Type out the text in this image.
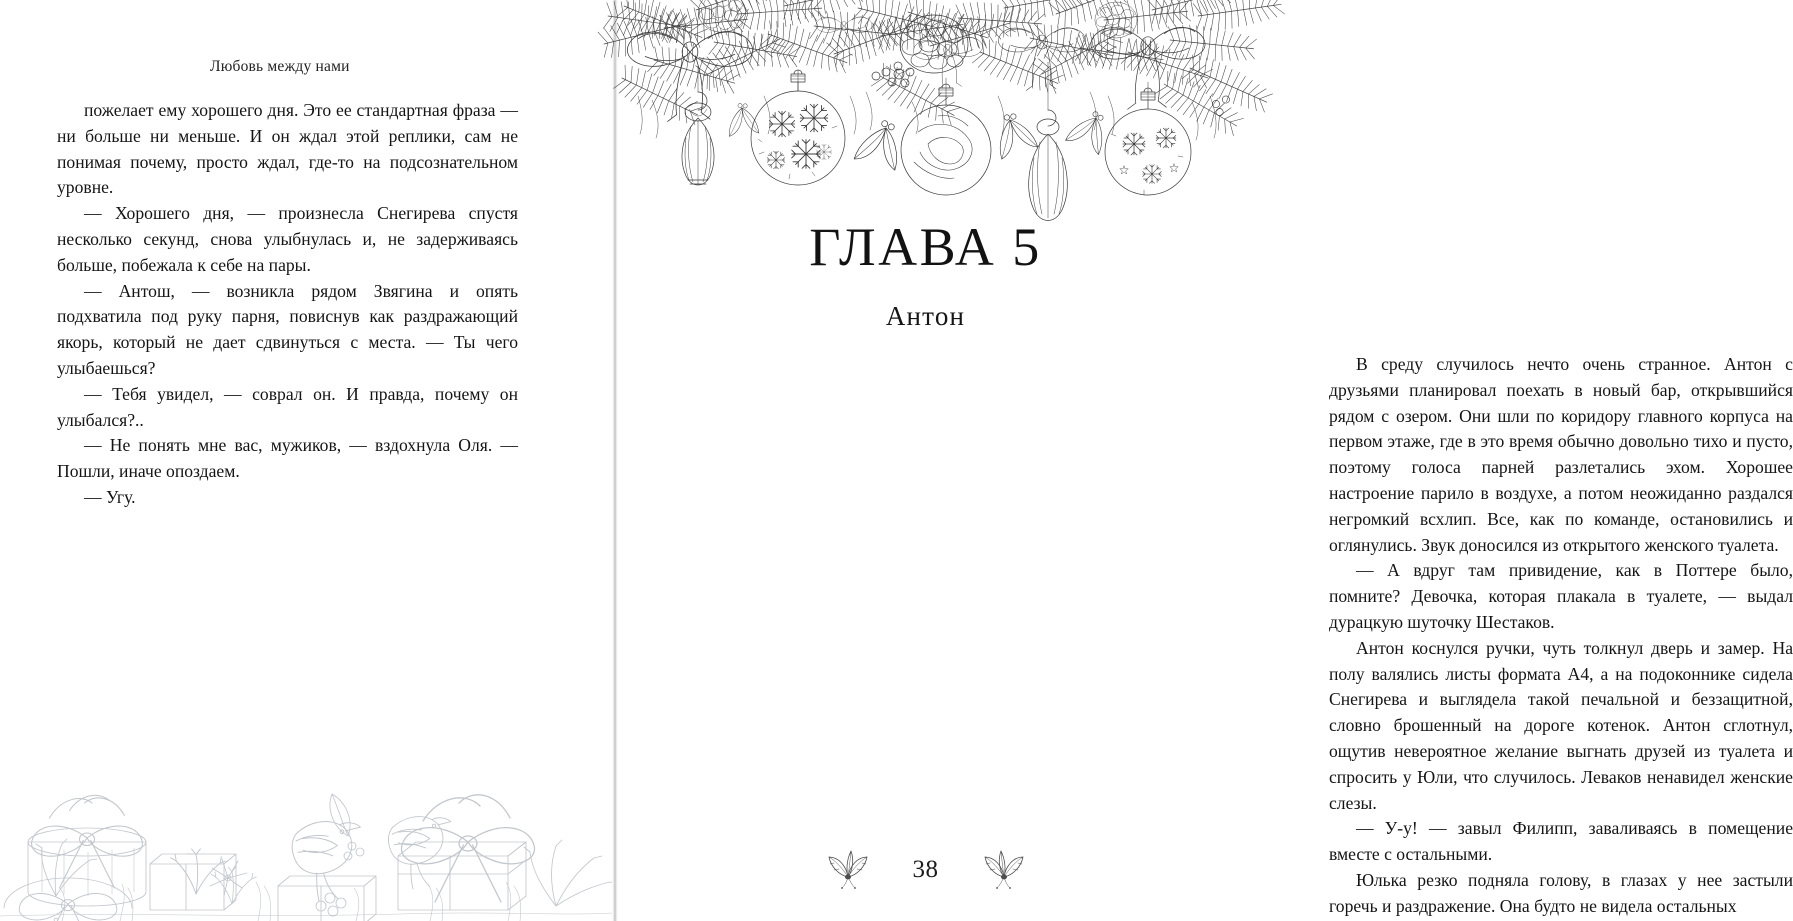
Любовь между нами

пожелает ему хорошего дня. Это ее стандартная фраза — ни больше ни меньше. И он ждал этой реплики, сам не понимая почему, просто ждал, где-то на подсознательном уровне.

— Хорошего дня, — произнесла Снегирева спустя несколько секунд, снова улыбнулась и, не задерживаясь больше, побежала к себе на пары.

— Антош, — возникла рядом Звягина и опять подхватила под руку парня, повиснув как раздражающий якорь, который не дает сдвинуться с места. — Ты чего улыбаешься?

— Тебя увидел, — соврал он. И правда, почему он улыбался?..

— Не понять мне вас, мужиков, — вздохнула Оля. — Пошли, иначе опоздаем.

— Угу.

ГЛАВА 5
Антон

В среду случилось нечто очень странное. Антон с друзьями планировал поехать в новый бар, открывшийся рядом с озером. Они шли по коридору главного корпуса на первом этаже, где в это время обычно довольно тихо и пусто, поэтому голоса парней разлетались эхом. Хорошее настроение парило в воздухе, а потом неожиданно раздался негромкий всхлип. Все, как по команде, остановились и оглянулись. Звук доносился из открытого женского туалета.

— А вдруг там привидение, как в Поттере было, помните? Девочка, которая плакала в туалете, — выдал дурацкую шуточку Шестаков.

Антон коснулся ручки, чуть толкнул дверь и замер. На полу валялись листы формата А4, а на подоконнике сидела Снегирева и выглядела такой печальной и беззащитной, словно брошенный на дороге котенок. Антон сглотнул, ощутив невероятное желание выгнать друзей из туалета и спросить у Юли, что случилось. Леваков ненавидел женские слезы.

— У-у! — завыл Филипп, заваливаясь в помещение вместе с остальными.

Юлька резко подняла голову, в глазах у нее застыли горечь и раздражение. Она будто не видела остальных

38
